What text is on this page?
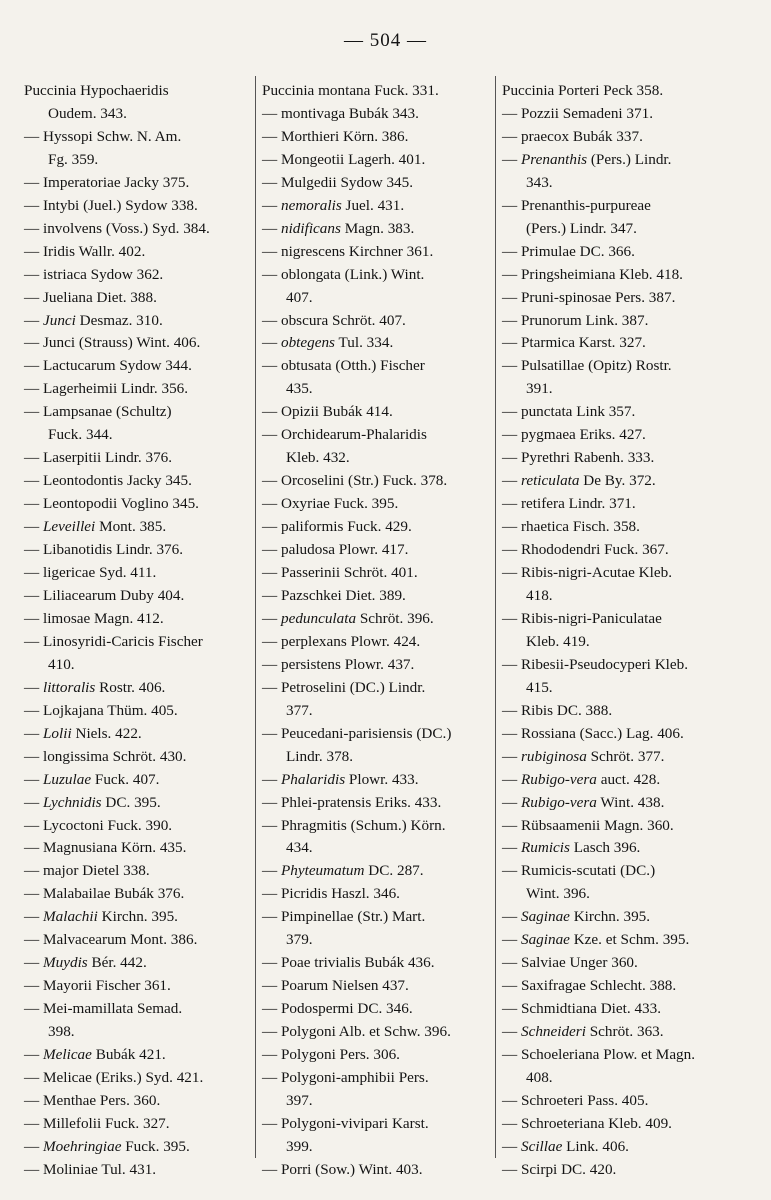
— 504 —
Puccinia Hypochaeridis
Oudem. 343.
— Hyssopi Schw. N. Am.
Fg. 359.
— Imperatoriae Jacky 375.
— Intybi (Juel.) Sydow 338.
— involvens (Voss.) Syd. 384.
— Iridis Wallr. 402.
— istriaca Sydow 362.
— Jueliana Diet. 388.
— Junci Desmaz. 310.
— Junci (Strauss) Wint. 406.
— Lactucarum Sydow 344.
— Lagerheimii Lindr. 356.
— Lampsanae (Schultz)
Fuck. 344.
— Laserpitii Lindr. 376.
— Leontodontis Jacky 345.
— Leontopodii Voglino 345.
— Leveillei Mont. 385.
— Libanotidis Lindr. 376.
— ligericae Syd. 411.
— Liliacearum Duby 404.
— limosae Magn. 412.
— Linosyridi-Caricis Fischer
410.
— littoralis Rostr. 406.
— Lojkajana Thüm. 405.
— Lolii Niels. 422.
— longissima Schröt. 430.
— Luzulae Fuck. 407.
— Lychnidis DC. 395.
— Lycoctoni Fuck. 390.
— Magnusiana Körn. 435.
— major Dietel 338.
— Malabailae Bubák 376.
— Malachii Kirchn. 395.
— Malvacearum Mont. 386.
— Muydis Bér. 442.
— Mayorii Fischer 361.
— Mei-mamillata Semad.
398.
— Melicae Bubák 421.
— Melicae (Eriks.) Syd. 421.
— Menthae Pers. 360.
— Millefolii Fuck. 327.
— Moehringiae Fuck. 395.
— Moliniae Tul. 431.
Puccinia montana Fuck. 331.
— montivaga Bubák 343.
— Morthieri Körn. 386.
— Mongeotii Lagerh. 401.
— Mulgedii Sydow 345.
— nemoralis Juel. 431.
— nidificans Magn. 383.
— nigrescens Kirchner 361.
— oblongata (Link.) Wint.
407.
— obscura Schröt. 407.
— obtegens Tul. 334.
— obtusata (Otth.) Fischer
435.
— Opizii Bubák 414.
— Orchidearum-Phalaridis
Kleb. 432.
— Orcoselini (Str.) Fuck. 378.
— Oxyriae Fuck. 395.
— paliformis Fuck. 429.
— paludosa Plowr. 417.
— Passerinii Schröt. 401.
— Pazschkei Diet. 389.
— pedunculata Schröt. 396.
— perplexans Plowr. 424.
— persistens Plowr. 437.
— Petroselini (DC.) Lindr.
377.
— Peucedani-parisiensis (DC.)
Lindr. 378.
— Phalaridis Plowr. 433.
— Phlei-pratensis Eriks. 433.
— Phragmitis (Schum.) Körn.
434.
— Phyteumatum DC. 287.
— Picridis Haszl. 346.
— Pimpinellae (Str.) Mart.
379.
— Poae trivialis Bubák 436.
— Poarum Nielsen 437.
— Podospermi DC. 346.
— Polygoni Alb. et Schw. 396.
— Polygoni Pers. 306.
— Polygoni-amphibii Pers.
397.
— Polygoni-vivipari Karst.
399.
— Porri (Sow.) Wint. 403.
Puccinia Porteri Peck 358.
— Pozzii Semadeni 371.
— praecox Bubák 337.
— Prenanthis (Pers.) Lindr.
343.
— Prenanthis-purpureae
(Pers.) Lindr. 347.
— Primulae DC. 366.
— Pringsheimiana Kleb. 418.
— Pruni-spinosae Pers. 387.
— Prunorum Link. 387.
— Ptarmica Karst. 327.
— Pulsatillae (Opitz) Rostr.
391.
— punctata Link 357.
— pygmaea Eriks. 427.
— Pyrethri Rabenh. 333.
— reticulata De By. 372.
— retifera Lindr. 371.
— rhaetica Fisch. 358.
— Rhododendri Fuck. 367.
— Ribis-nigri-Acutae Kleb.
418.
— Ribis-nigri-Paniculatae
Kleb. 419.
— Ribesii-Pseudocyperi Kleb.
415.
— Ribis DC. 388.
— Rossiana (Sacc.) Lag. 406.
— rubiginosa Schröt. 377.
— Rubigo-vera auct. 428.
— Rubigo-vera Wint. 438.
— Rübsaamenii Magn. 360.
— Rumicis Lasch 396.
— Rumicis-scutati (DC.)
Wint. 396.
— Saginae Kirchn. 395.
— Saginae Kze. et Schm. 395.
— Salviae Unger 360.
— Saxifragae Schlecht. 388.
— Schmidtiana Diet. 433.
— Schneideri Schröt. 363.
— Schoeleriana Plow. et Magn.
408.
— Schroeteri Pass. 405.
— Schroeteriana Kleb. 409.
— Scillae Link. 406.
— Scirpi DC. 420.
